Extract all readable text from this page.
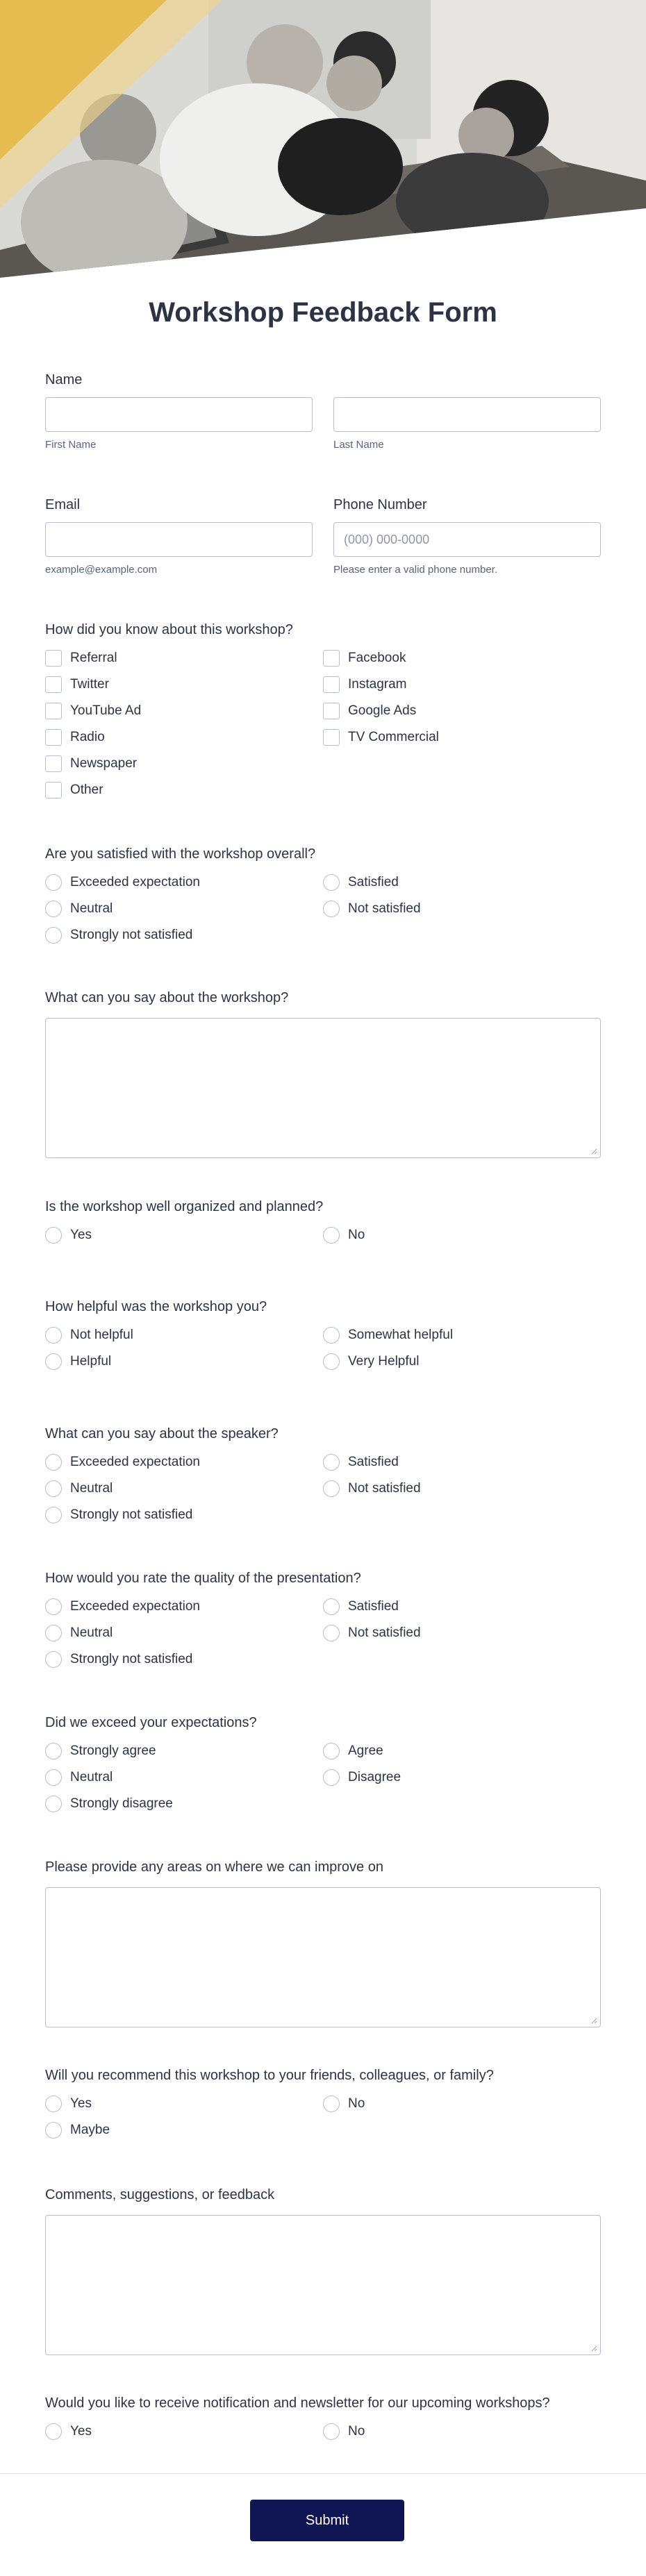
Workshop Feedback Form
Name
First Name	Last Name
Email
example@example.com
Phone Number
(000) 000-0000
Please enter a valid phone number.
How did you know about this workshop?
Referral	Facebook
Twitter	Instagram
YouTube Ad	Google Ads
Radio	TV Commercial
Newspaper
Other
Are you satisfied with the workshop overall?
Exceeded expectation	Satisfied
Neutral	Not satisfied
Strongly not satisfied
What can you say about the workshop?
Is the workshop well organized and planned?
Yes	No
How helpful was the workshop you?
Not helpful	Somewhat helpful
Helpful	Very Helpful
What can you say about the speaker?
Exceeded expectation	Satisfied
Neutral	Not satisfied
Strongly not satisfied
How would you rate the quality of the presentation?
Exceeded expectation	Satisfied
Neutral	Not satisfied
Strongly not satisfied
Did we exceed your expectations?
Strongly agree	Agree
Neutral	Disagree
Strongly disagree
Please provide any areas on where we can improve on
Will you recommend this workshop to your friends, colleagues, or family?
Yes	No
Maybe
Comments, suggestions, or feedback
Would you like to receive notification and newsletter for our upcoming workshops?
Yes	No
Submit
